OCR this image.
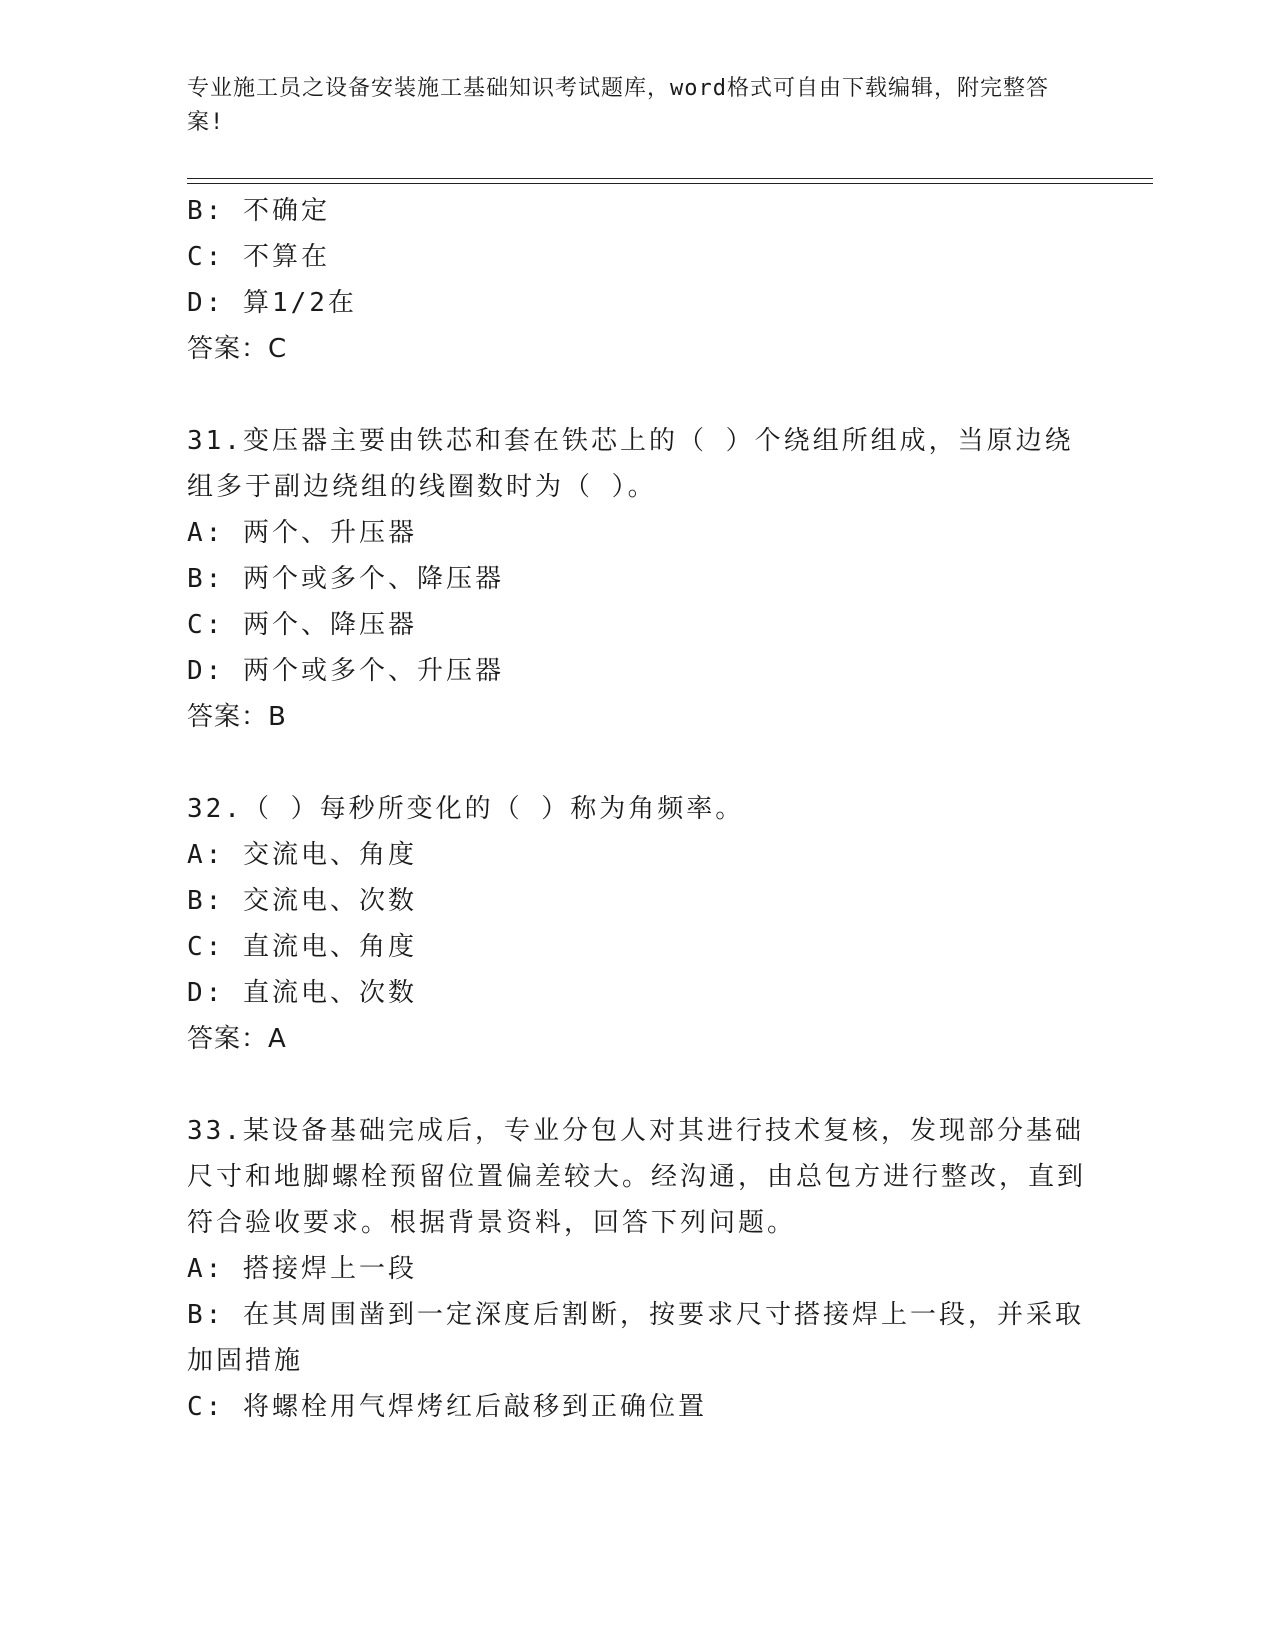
专业施工员之设备安装施工基础知识考试题库，word格式可自由下载编辑，附完整答案!
B: 不确定
C: 不算在
D: 算1/2在
答案：C
31.变压器主要由铁芯和套在铁芯上的（ ）个绕组所组成，当原边绕组多于副边绕组的线圈数时为（ ）。
A: 两个、升压器
B: 两个或多个、降压器
C: 两个、降压器
D: 两个或多个、升压器
答案：B
32.（ ）每秒所变化的（ ）称为角频率。
A: 交流电、角度
B: 交流电、次数
C: 直流电、角度
D: 直流电、次数
答案：A
33.某设备基础完成后，专业分包人对其进行技术复核，发现部分基础尺寸和地脚螺栓预留位置偏差较大。经沟通，由总包方进行整改，直到符合验收要求。根据背景资料，回答下列问题。
A: 搭接焊上一段
B: 在其周围凿到一定深度后割断，按要求尺寸搭接焊上一段，并采取加固措施
C: 将螺栓用气焊烤红后敲移到正确位置
